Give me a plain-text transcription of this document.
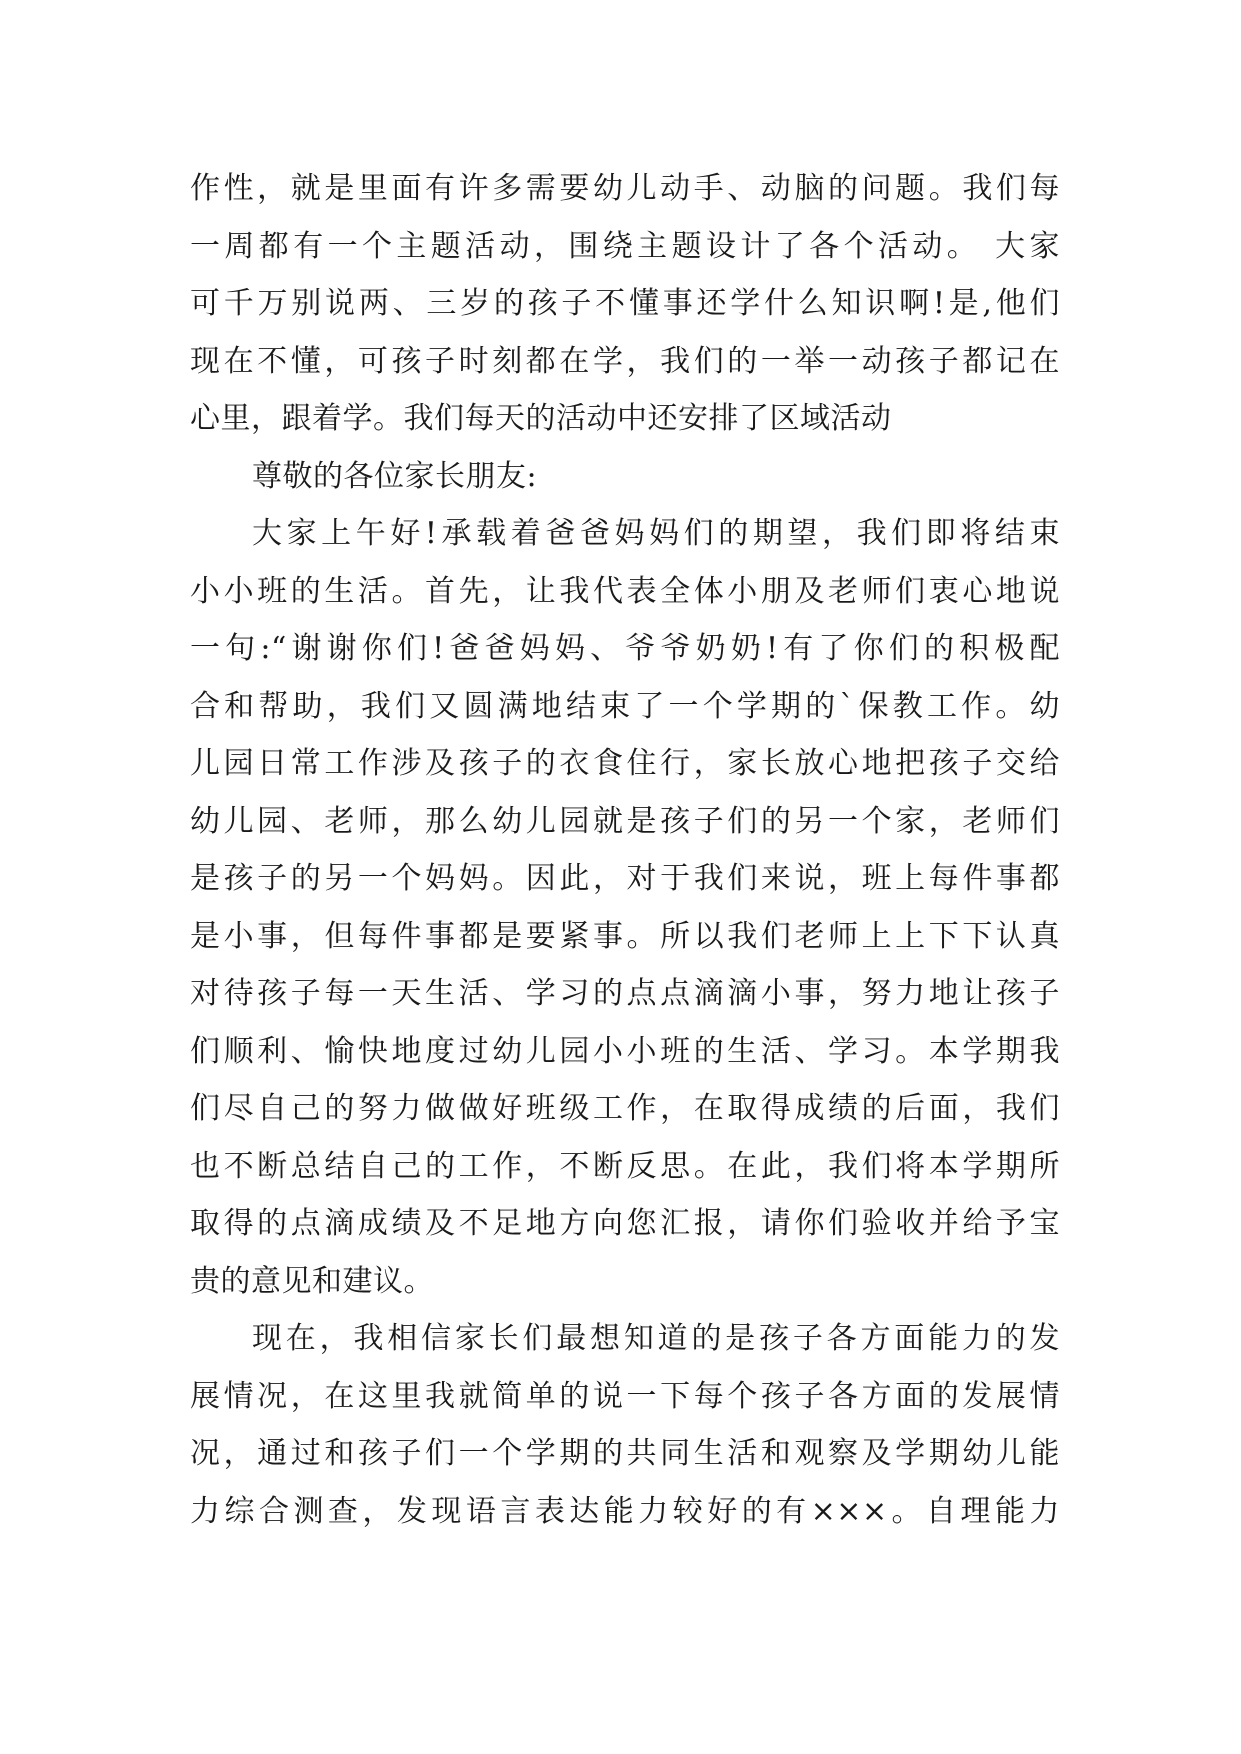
作性，就是里面有许多需要幼儿动手、动脑的问题。我们每
一周都有一个主题活动，围绕主题设计了各个活动。 大家
可千万别说两、三岁的孩子不懂事还学什么知识啊!是,他们
现在不懂，可孩子时刻都在学，我们的一举一动孩子都记在
心里，跟着学。我们每天的活动中还安排了区域活动
尊敬的各位家长朋友:
大家上午好!承载着爸爸妈妈们的期望，我们即将结束
小小班的生活。首先，让我代表全体小朋及老师们衷心地说
一句:“谢谢你们!爸爸妈妈、爷爷奶奶!有了你们的积极配
合和帮助，我们又圆满地结束了一个学期的`保教工作。幼
儿园日常工作涉及孩子的衣食住行，家长放心地把孩子交给
幼儿园、老师，那么幼儿园就是孩子们的另一个家，老师们
是孩子的另一个妈妈。因此，对于我们来说，班上每件事都
是小事，但每件事都是要紧事。所以我们老师上上下下认真
对待孩子每一天生活、学习的点点滴滴小事，努力地让孩子
们顺利、愉快地度过幼儿园小小班的生活、学习。本学期我
们尽自己的努力做做好班级工作，在取得成绩的后面，我们
也不断总结自己的工作，不断反思。在此，我们将本学期所
取得的点滴成绩及不足地方向您汇报，请你们验收并给予宝
贵的意见和建议。
现在，我相信家长们最想知道的是孩子各方面能力的发
展情况，在这里我就简单的说一下每个孩子各方面的发展情
况，通过和孩子们一个学期的共同生活和观察及学期幼儿能
力综合测查，发现语言表达能力较好的有×××。自理能力
